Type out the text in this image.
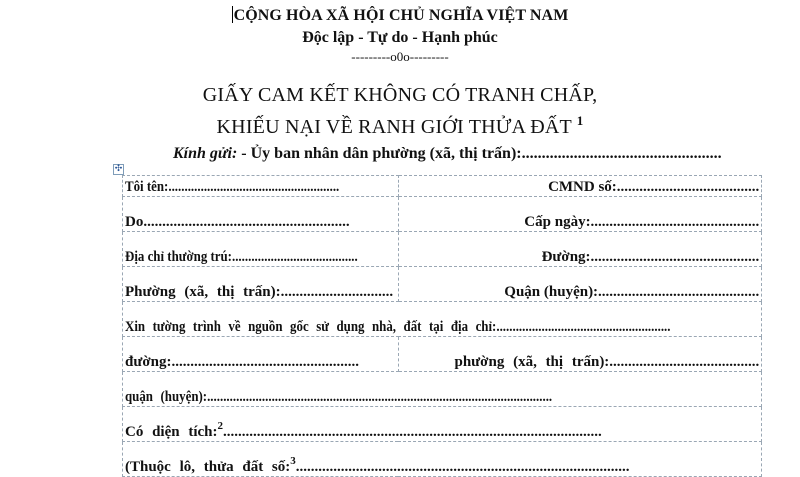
CỘNG HÒA XÃ HỘI CHỦ NGHĨA VIỆT NAM
Độc lập - Tự do - Hạnh phúc
---------o0o---------
GIẤY CAM KẾT KHÔNG CÓ TRANH CHẤP,
KHIẾU NẠI VỀ RANH GIỚI THỬA ĐẤT $^1$
Kính gửi: - Ủy ban nhân dân phường (xã, thị trấn):..................................................
✣
Tôi tên:.....................................................	CMND số:......................................
Do.......................................................	Cấp ngày:.............................................
Địa chỉ thường trú:.......................................	Đường:.............................................
Phường (xã, thị trấn):..............................	Quận (huyện):...........................................
Xin tường trình về nguồn gốc sử dụng nhà, đất tại địa chỉ:......................................................	
đường:..................................................	phường (xã, thị trấn):........................................
quận (huyện):...........................................................................................................	
Có diện tích:$^2$.....................................................................................................	
(Thuộc lô, thửa đất số:$^3$.........................................................................................	
